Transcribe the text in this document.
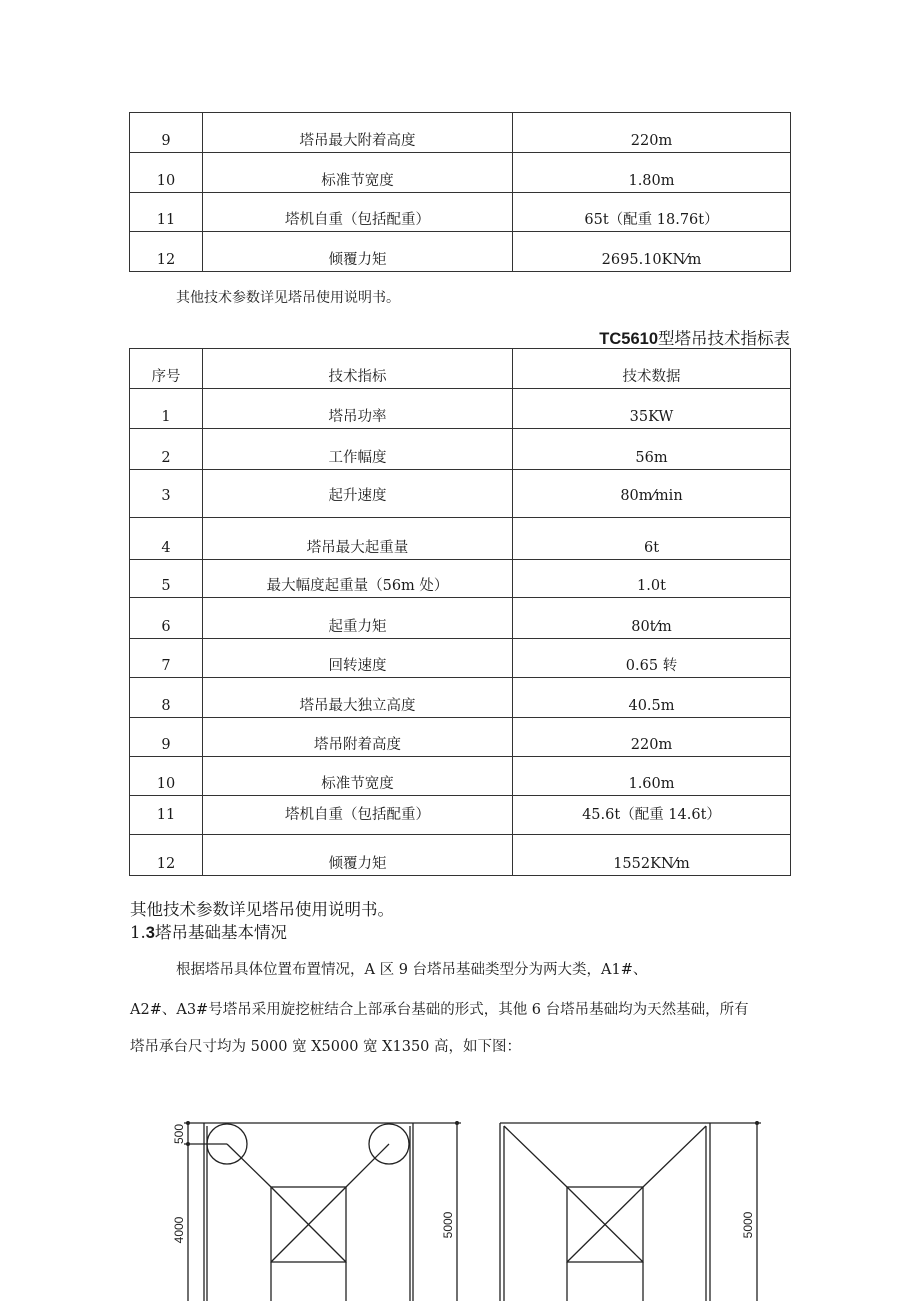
9	塔吊最大附着高度	220m

10	标准节宽度	1.80m

11	塔机自重（包括配重）	65t（配重 18.76t）

12	倾覆力矩	2695.10KN⁄m
其他技术参数详见塔吊使用说明书。
TC5610型塔吊技术指标表
序号	技术指标	技术数据

1	塔吊功率	35KW

2	工作幅度	56m

3	起升速度	80m⁄min

4	塔吊最大起重量	6t

5	最大幅度起重量（56m 处）	1.0t

6	起重力矩	80t⁄m

7	回转速度	0.65 转

8	塔吊最大独立高度	40.5m

9	塔吊附着高度	220m

10	标准节宽度	1.60m

11	塔机自重（包括配重）	45.6t（配重 14.6t）

12	倾覆力矩	1552KN⁄m
其他技术参数详见塔吊使用说明书。
1.3塔吊基础基本情况
根据塔吊具体位置布置情况，A 区 9 台塔吊基础类型分为两大类，A1#、
A2#、A3#号塔吊采用旋挖桩结合上部承台基础的形式，其他 6 台塔吊基础均为天然基础，所有
塔吊承台尺寸均为 5000 宽 X5000 宽 X1350 高，如下图：
500
4000	5000	5000
